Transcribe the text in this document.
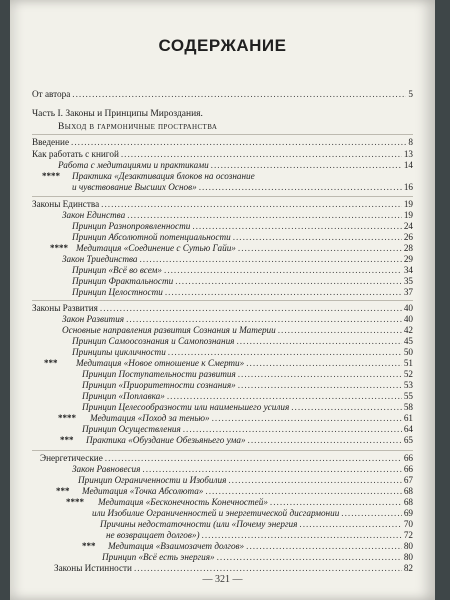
СОДЕРЖАНИЕ
От автора .....	5
Часть I. Законы и Принципы Мироздания.
Выход в гармоничные пространства
Введение .....	8
Как работать с книгой .....	13
Работа с медитациями и практиками .....	14
**** Практика «Дезактивация блоков на осознание
и чувствование Высших Основ» .....	16
Законы Единства .....	19
Закон Единства .....	19
Принцип Разнопроявленности .....	24
Принцип Абсолютной потенциальности .....	26
**** Медитация «Соединение с Сутью Гайи» .....	28
Закон Триединства .....	29
Принцип «Всё во всем» .....	34
Принцип Фрактальности .....	35
Принцип Целостности .....	37
Законы Развития .....	40
Закон Развития .....	40
Основные направления развития Сознания и Материи .....	42
Принцип Самоосознания и Самопознания .....	45
Принципы цикличности .....	50
*** Медитация «Новое отношение к Смерти» .....	51
Принцип Поступательности развития .....	52
Принцип «Приоритетности сознания» .....	53
Принцип «Поплавка» .....	55
Принцип Целесообразности или наименьшего усилия .....	58
**** Медитация «Поход за тенью» .....	61
Принцип Осуществления .....	64
*** Практика «Обуздание Обезьяньего ума» .....	65
Энергетические .....	66
Закон Равновесия .....	66
Принцип Ограниченности и Изобилия .....	67
*** Медитация «Точка Абсолюта» .....	68
**** Медитация «Бесконечность Конечностей» .....	68
или Изобилие Ограниченностей и энергетической дисгармонии .....	69
Причины недостаточности (или «Почему энергия .....	70
не возвращает долгов») .....	72
*** Медитация «Взаимозачет долгов» .....	80
Принцип «Всё есть энергия» .....	80
Законы Истинности .....	82
— 321 —
